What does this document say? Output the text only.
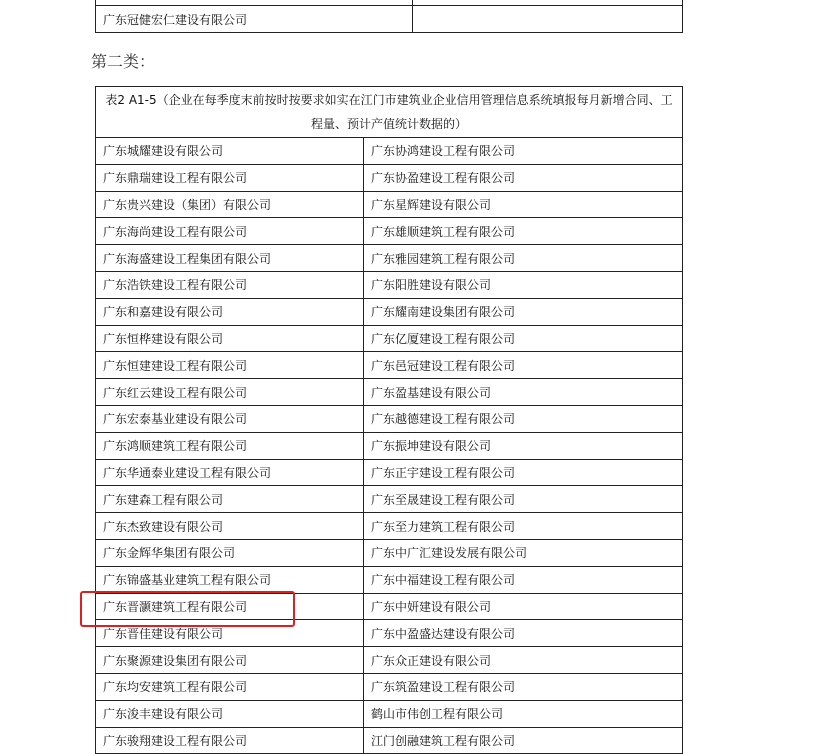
广东冠健宏仁建设有限公司	
第二类：
表2 A1-5（企业在每季度末前按时按要求如实在江门市建筑业企业信用管理信息系统填报每月新增合同、工程量、预计产值统计数据的）	
广东城耀建设有限公司	广东协鸿建设工程有限公司
广东鼎瑞建设工程有限公司	广东协盈建设工程有限公司
广东贵兴建设（集团）有限公司	广东星辉建设有限公司
广东海尚建设工程有限公司	广东雄顺建筑工程有限公司
广东海盛建设工程集团有限公司	广东雅园建筑工程有限公司
广东浩铁建设工程有限公司	广东阳胜建设有限公司
广东和嘉建设有限公司	广东耀南建设集团有限公司
广东恒桦建设有限公司	广东亿厦建设工程有限公司
广东恒建建设工程有限公司	广东邑冠建设工程有限公司
广东红云建设工程有限公司	广东盈基建设有限公司
广东宏泰基业建设有限公司	广东越德建设工程有限公司
广东鸿顺建筑工程有限公司	广东振坤建设有限公司
广东华通泰业建设工程有限公司	广东正宇建设工程有限公司
广东建森工程有限公司	广东至晟建设工程有限公司
广东杰致建设有限公司	广东至力建筑工程有限公司
广东金辉华集团有限公司	广东中广汇建设发展有限公司
广东锦盛基业建筑工程有限公司	广东中福建设工程有限公司
广东晋灏建筑工程有限公司	广东中妍建设有限公司
广东晋佳建设有限公司	广东中盈盛达建设有限公司
广东聚源建设集团有限公司	广东众正建设有限公司
广东均安建筑工程有限公司	广东筑盈建设工程有限公司
广东浚丰建设有限公司	鹤山市伟创工程有限公司
广东骏翔建设工程有限公司	江门创融建筑工程有限公司
